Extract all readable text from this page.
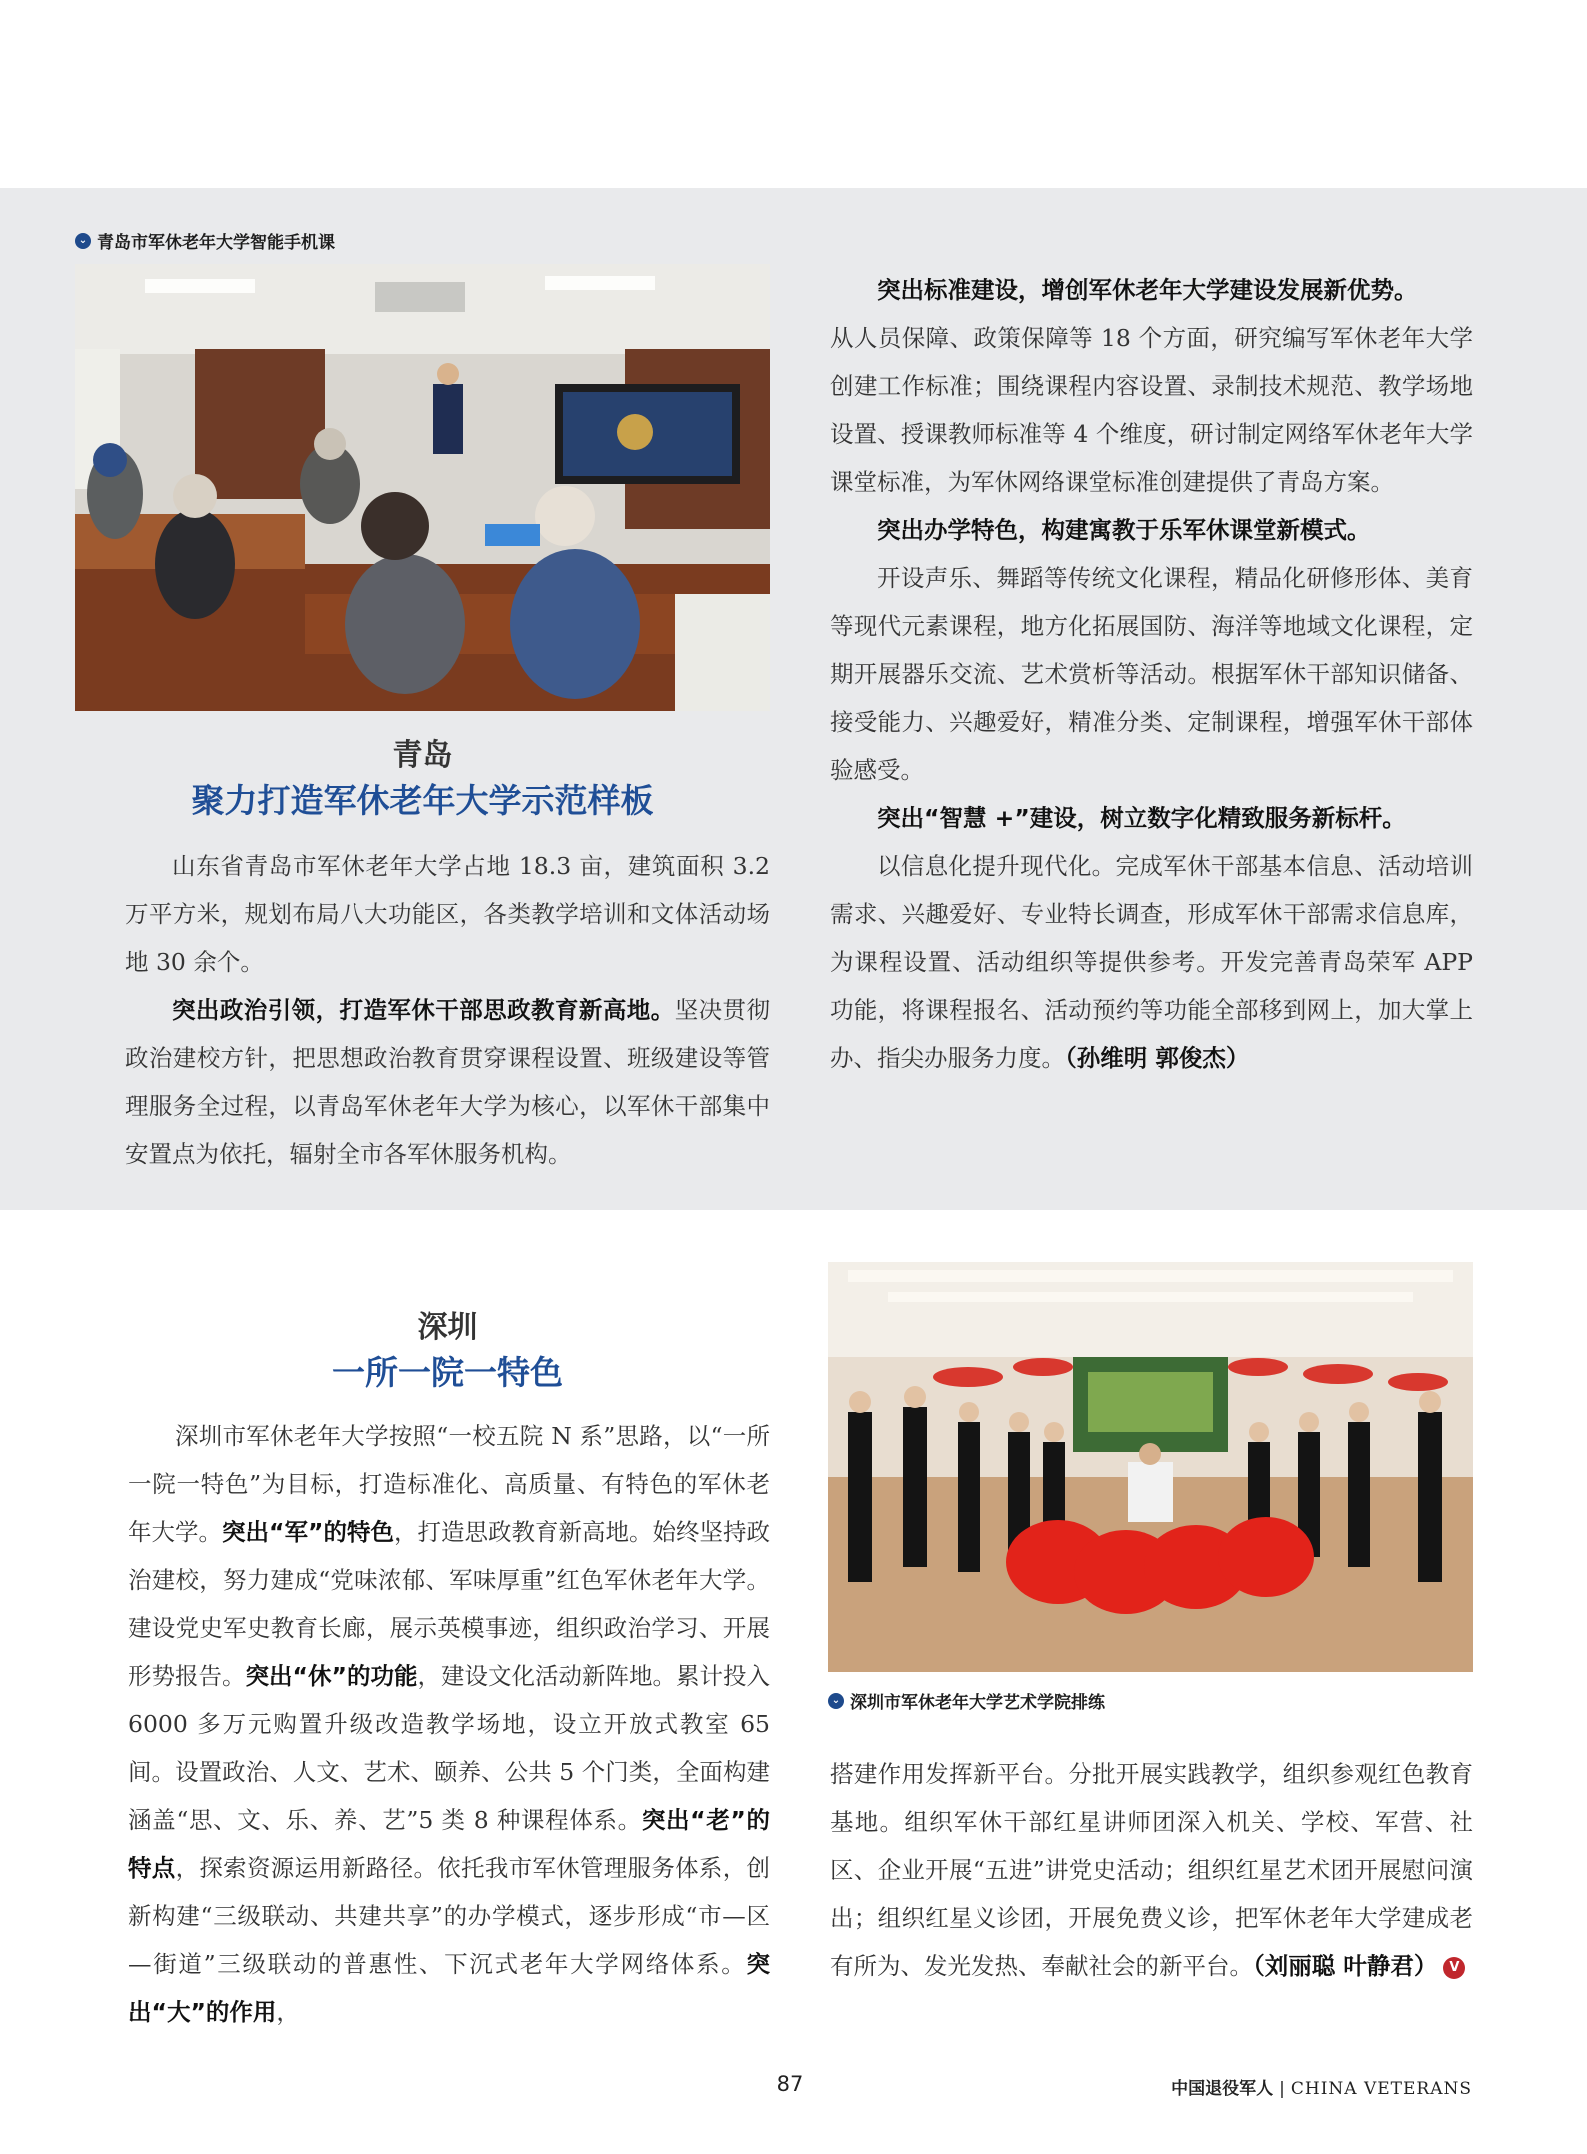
⌄ 青岛市军休老年大学智能手机课
青岛
聚力打造军休老年大学示范样板

山东省青岛市军休老年大学占地 18.3 亩，建筑面积 3.2 万平方米，规划布局八大功能区，各类教学培训和文体活动场地 30 余个。

突出政治引领，打造军休干部思政教育新高地。坚决贯彻政治建校方针，把思想政治教育贯穿课程设置、班级建设等管理服务全过程，以青岛军休老年大学为核心，以军休干部集中安置点为依托，辐射全市各军休服务机构。

突出标准建设，增创军休老年大学建设发展新优势。

从人员保障、政策保障等 18 个方面，研究编写军休老年大学创建工作标准；围绕课程内容设置、录制技术规范、教学场地设置、授课教师标准等 4 个维度，研讨制定网络军休老年大学课堂标准，为军休网络课堂标准创建提供了青岛方案。

突出办学特色，构建寓教于乐军休课堂新模式。

开设声乐、舞蹈等传统文化课程，精品化研修形体、美育等现代元素课程，地方化拓展国防、海洋等地域文化课程，定期开展器乐交流、艺术赏析等活动。根据军休干部知识储备、接受能力、兴趣爱好，精准分类、定制课程，增强军休干部体验感受。

突出“智慧 +”建设，树立数字化精致服务新标杆。

以信息化提升现代化。完成军休干部基本信息、活动培训需求、兴趣爱好、专业特长调查，形成军休干部需求信息库，为课程设置、活动组织等提供参考。开发完善青岛荣军 APP 功能，将课程报名、活动预约等功能全部移到网上，加大掌上办、指尖办服务力度。（孙维明 郭俊杰）

深圳
一所一院一特色

深圳市军休老年大学按照“一校五院 N 系”思路，以“一所一院一特色”为目标，打造标准化、高质量、有特色的军休老年大学。突出“军”的特色，打造思政教育新高地。始终坚持政治建校，努力建成“党味浓郁、军味厚重”红色军休老年大学。建设党史军史教育长廊，展示英模事迹，组织政治学习、开展形势报告。突出“休”的功能，建设文化活动新阵地。累计投入 6000 多万元购置升级改造教学场地，设立开放式教室 65 间。设置政治、人文、艺术、颐养、公共 5 个门类，全面构建涵盖“思、文、乐、养、艺”5 类 8 种课程体系。突出“老”的特点，探索资源运用新路径。依托我市军休管理服务体系，创新构建“三级联动、共建共享”的办学模式，逐步形成“市—区—街道”三级联动的普惠性、下沉式老年大学网络体系。突出“大”的作用，

⌄ 深圳市军休老年大学艺术学院排练

搭建作用发挥新平台。分批开展实践教学，组织参观红色教育基地。组织军休干部红星讲师团深入机关、学校、军营、社区、企业开展“五进”讲党史活动；组织红星艺术团开展慰问演出；组织红星义诊团，开展免费义诊，把军休老年大学建成老有所为、发光发热、奉献社会的新平台。（刘丽聪 叶静君） V

87	中国退役军人 | CHINA VETERANS
